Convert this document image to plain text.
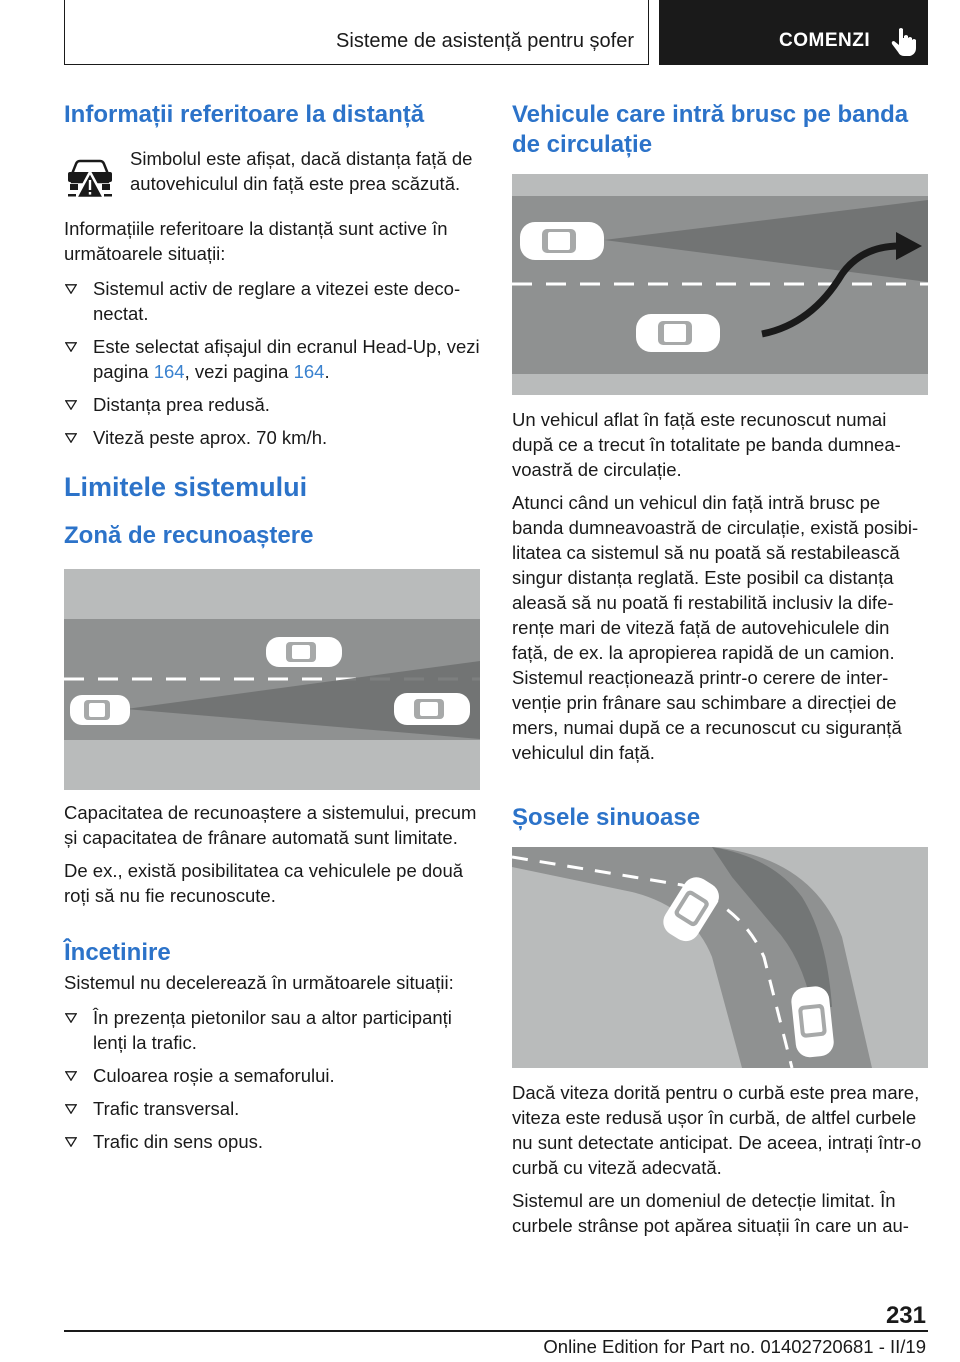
Sisteme de asistență pentru șofer	COMENZI
Informații referitoare la distanță

Simbolul este afișat, dacă distanța față de autovehiculul din față este prea scăzută.

Informațiile referitoare la distanță sunt active în următoarele situații:

Sistemul activ de reglare a vitezei este deconectat.
Este selectat afișajul din ecranul Head-Up, vezi pagina 164, vezi pagina 164.
Distanța prea redusă.
Viteză peste aprox. 70 km/h.
Limitele sistemului
Zonă de recunoaștere

Capacitatea de recunoaștere a sistemului, precum și capacitatea de frânare automată sunt limitate.

De ex., există posibilitatea ca vehiculele pe două roți să nu fie recunoscute.

Încetinire

Sistemul nu decelerează în următoarele situații:

În prezența pietonilor sau a altor participanți lenți la trafic.
Culoarea roșie a semaforului.
Trafic transversal.
Trafic din sens opus.
Vehicule care intră brusc pe banda de circulație

Un vehicul aflat în față este recunoscut numai după ce a trecut în totalitate pe banda dumneavoastră de circulație.

Atunci când un vehicul din față intră brusc pe banda dumneavoastră de circulație, există posibilitatea ca sistemul să nu poată să restabilească singur distanța reglată. Este posibil ca distanța aleasă să nu poată fi restabilită inclusiv la diferențe mari de viteză față de autovehiculele din față, de ex. la apropierea rapidă de un camion. Sistemul reacționează printr-o cerere de intervenție prin frânare sau schimbare a direcției de mers, numai după ce a recunoscut cu siguranță vehiculul din față.

Șosele sinuoase

Dacă viteza dorită pentru o curbă este prea mare, viteza este redusă ușor în curbă, de altfel curbele nu sunt detectate anticipat. De aceea, intrați într-o curbă cu viteză adecvată.

Sistemul are un domeniul de detecție limitat. În curbele strânse pot apărea situații în care un au-

231
Online Edition for Part no. 01402720681 - II/19
